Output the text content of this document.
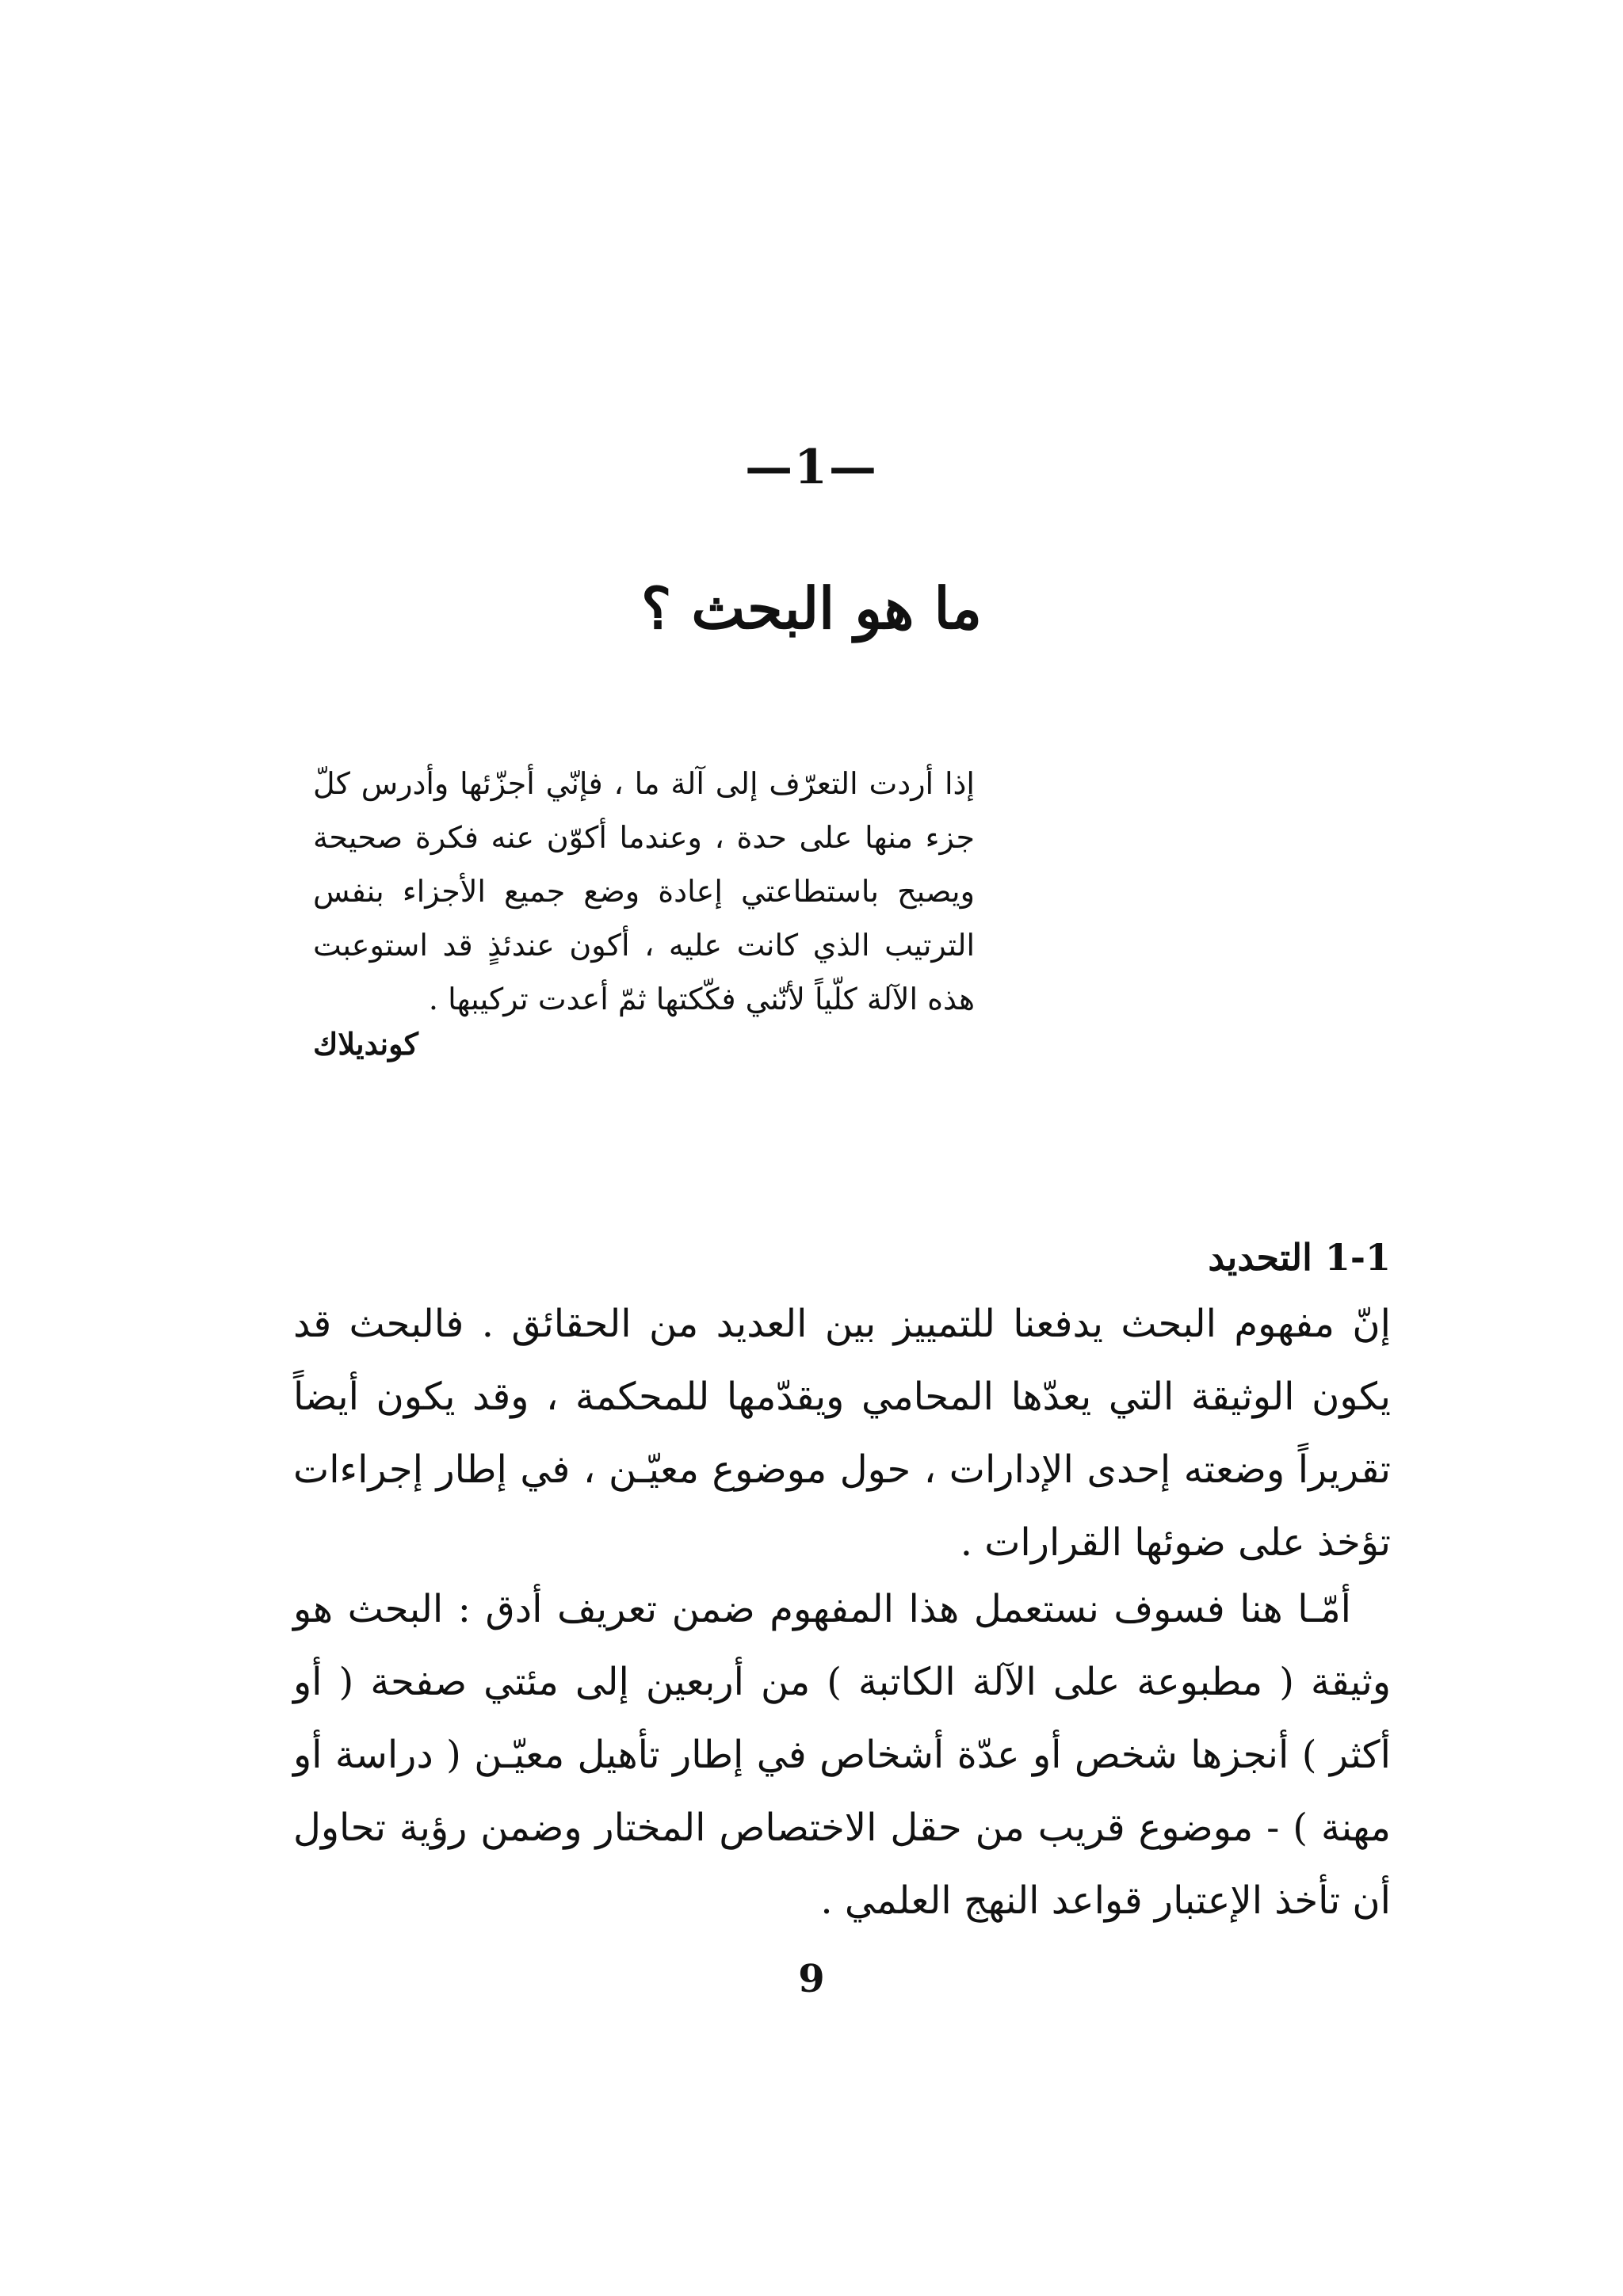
—1—
ما هو البحث ؟

إذا أردت التعرّف إلى آلة ما ، فإنّي أجزّئها وأدرس كلّ جزء منها على حدة ، وعندما أكوّن عنه فكرة صحيحة ويصبح باستطاعتي إعادة وضع جميع الأجزاء بنفس الترتيب الذي كانت عليه ، أكون عندئذٍ قد استوعبت هذه الآلة كلّياً لأنّني فكّكتها ثمّ أعدت تركيبها .

كونديلاك
1-1 التحديد

إنّ مفهوم البحث يدفعنا للتمييز بين العديد من الحقائق . فالبحث قد يكون الوثيقة التي يعدّها المحامي ويقدّمها للمحكمة ، وقد يكون أيضاً تقريراً وضعته إحدى الإدارات ، حول موضوع معيّـن ، في إطار إجراءات تؤخذ على ضوئها القرارات .

أمّـا هنا فسوف نستعمل هذا المفهوم ضمن تعريف أدق : البحث هو وثيقة ( مطبوعة على الآلة الكاتبة ) من أربعين إلى مئتي صفحة ( أو أكثر ) أنجزها شخص أو عدّة أشخاص في إطار تأهيل معيّـن ( دراسة أو مهنة ) - موضوع قريب من حقل الاختصاص المختار وضمن رؤية تحاول أن تأخذ الإعتبار قواعد النهج العلمي .

9
